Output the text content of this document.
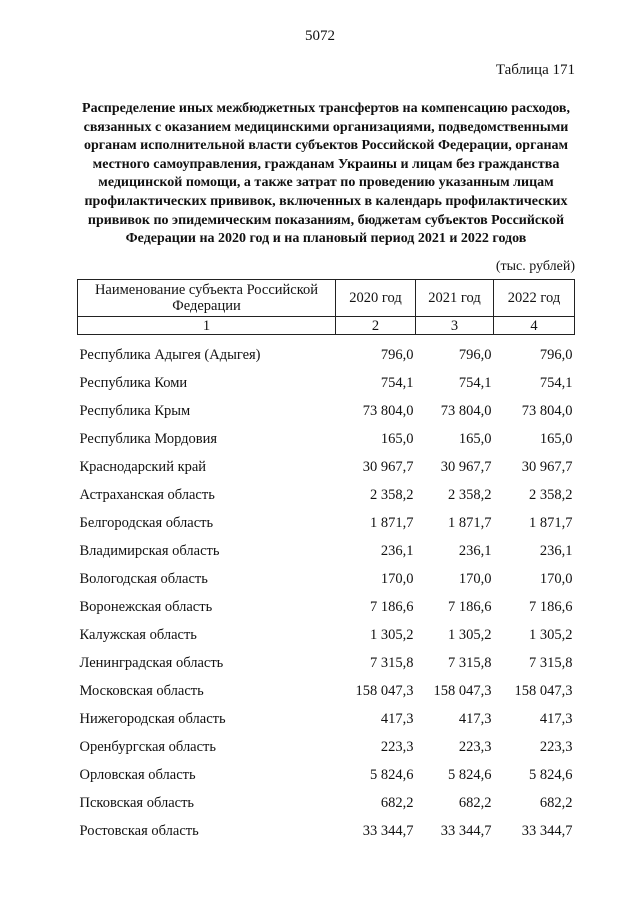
5072
Таблица 171
Распределение иных межбюджетных трансфертов на компенсацию расходов, связанных с оказанием медицинскими организациями, подведомственными органам исполнительной власти субъектов Российской Федерации, органам местного самоуправления, гражданам Украины и лицам без гражданства медицинской помощи, а также затрат по проведению указанным лицам профилактических прививок, включенных в календарь профилактических прививок по эпидемическим показаниям, бюджетам субъектов Российской Федерации на 2020 год и на плановый период 2021 и 2022 годов
(тыс. рублей)
Наименование субъекта Российской Федерации	2020 год	2021 год	2022 год
1	2	3	4
Республика Адыгея (Адыгея)	796,0	796,0	796,0
Республика Коми	754,1	754,1	754,1
Республика Крым	73 804,0	73 804,0	73 804,0
Республика Мордовия	165,0	165,0	165,0
Краснодарский край	30 967,7	30 967,7	30 967,7
Астраханская область	2 358,2	2 358,2	2 358,2
Белгородская область	1 871,7	1 871,7	1 871,7
Владимирская область	236,1	236,1	236,1
Вологодская область	170,0	170,0	170,0
Воронежская область	7 186,6	7 186,6	7 186,6
Калужская область	1 305,2	1 305,2	1 305,2
Ленинградская область	7 315,8	7 315,8	7 315,8
Московская область	158 047,3	158 047,3	158 047,3
Нижегородская область	417,3	417,3	417,3
Оренбургская область	223,3	223,3	223,3
Орловская область	5 824,6	5 824,6	5 824,6
Псковская область	682,2	682,2	682,2
Ростовская область	33 344,7	33 344,7	33 344,7
